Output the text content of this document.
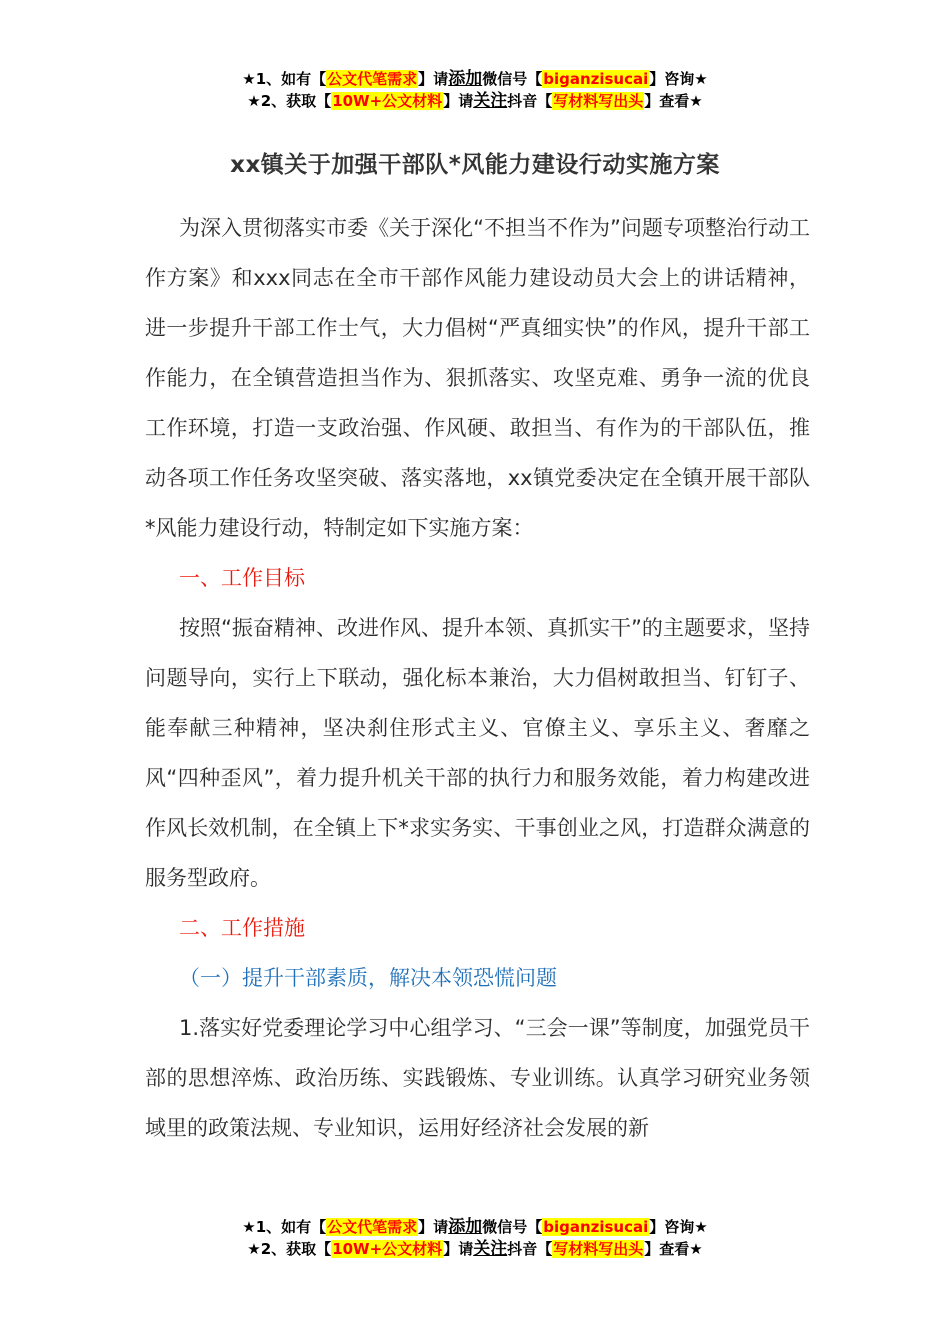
★1、如有【公文代笔需求】请添加微信号【biganzisucai】咨询★
★2、获取【10W+公文材料】请关注抖音【写材料写出头】查看★
xx镇关于加强干部队*风能力建设行动实施方案

为深入贯彻落实市委《关于深化“不担当不作为”问题专项整治行动工作方案》和xxx同志在全市干部作风能力建设动员大会上的讲话精神，进一步提升干部工作士气，大力倡树“严真细实快”的作风，提升干部工作能力，在全镇营造担当作为、狠抓落实、攻坚克难、勇争一流的优良工作环境，打造一支政治强、作风硬、敢担当、有作为的干部队伍，推动各项工作任务攻坚突破、落实落地，xx镇党委决定在全镇开展干部队*风能力建设行动，特制定如下实施方案：

一、工作目标

按照“振奋精神、改进作风、提升本领、真抓实干”的主题要求，坚持问题导向，实行上下联动，强化标本兼治，大力倡树敢担当、钉钉子、能奉献三种精神，坚决刹住形式主义、官僚主义、享乐主义、奢靡之风“四种歪风”，着力提升机关干部的执行力和服务效能，着力构建改进作风长效机制，在全镇上下*求实务实、干事创业之风，打造群众满意的服务型政府。

二、工作措施

（一）提升干部素质，解决本领恐慌问题

1.落实好党委理论学习中心组学习、“三会一课”等制度，加强党员干部的思想淬炼、政治历练、实践锻炼、专业训练。认真学习研究业务领域里的政策法规、专业知识，运用好经济社会发展的新

★1、如有【公文代笔需求】请添加微信号【biganzisucai】咨询★
★2、获取【10W+公文材料】请关注抖音【写材料写出头】查看★
